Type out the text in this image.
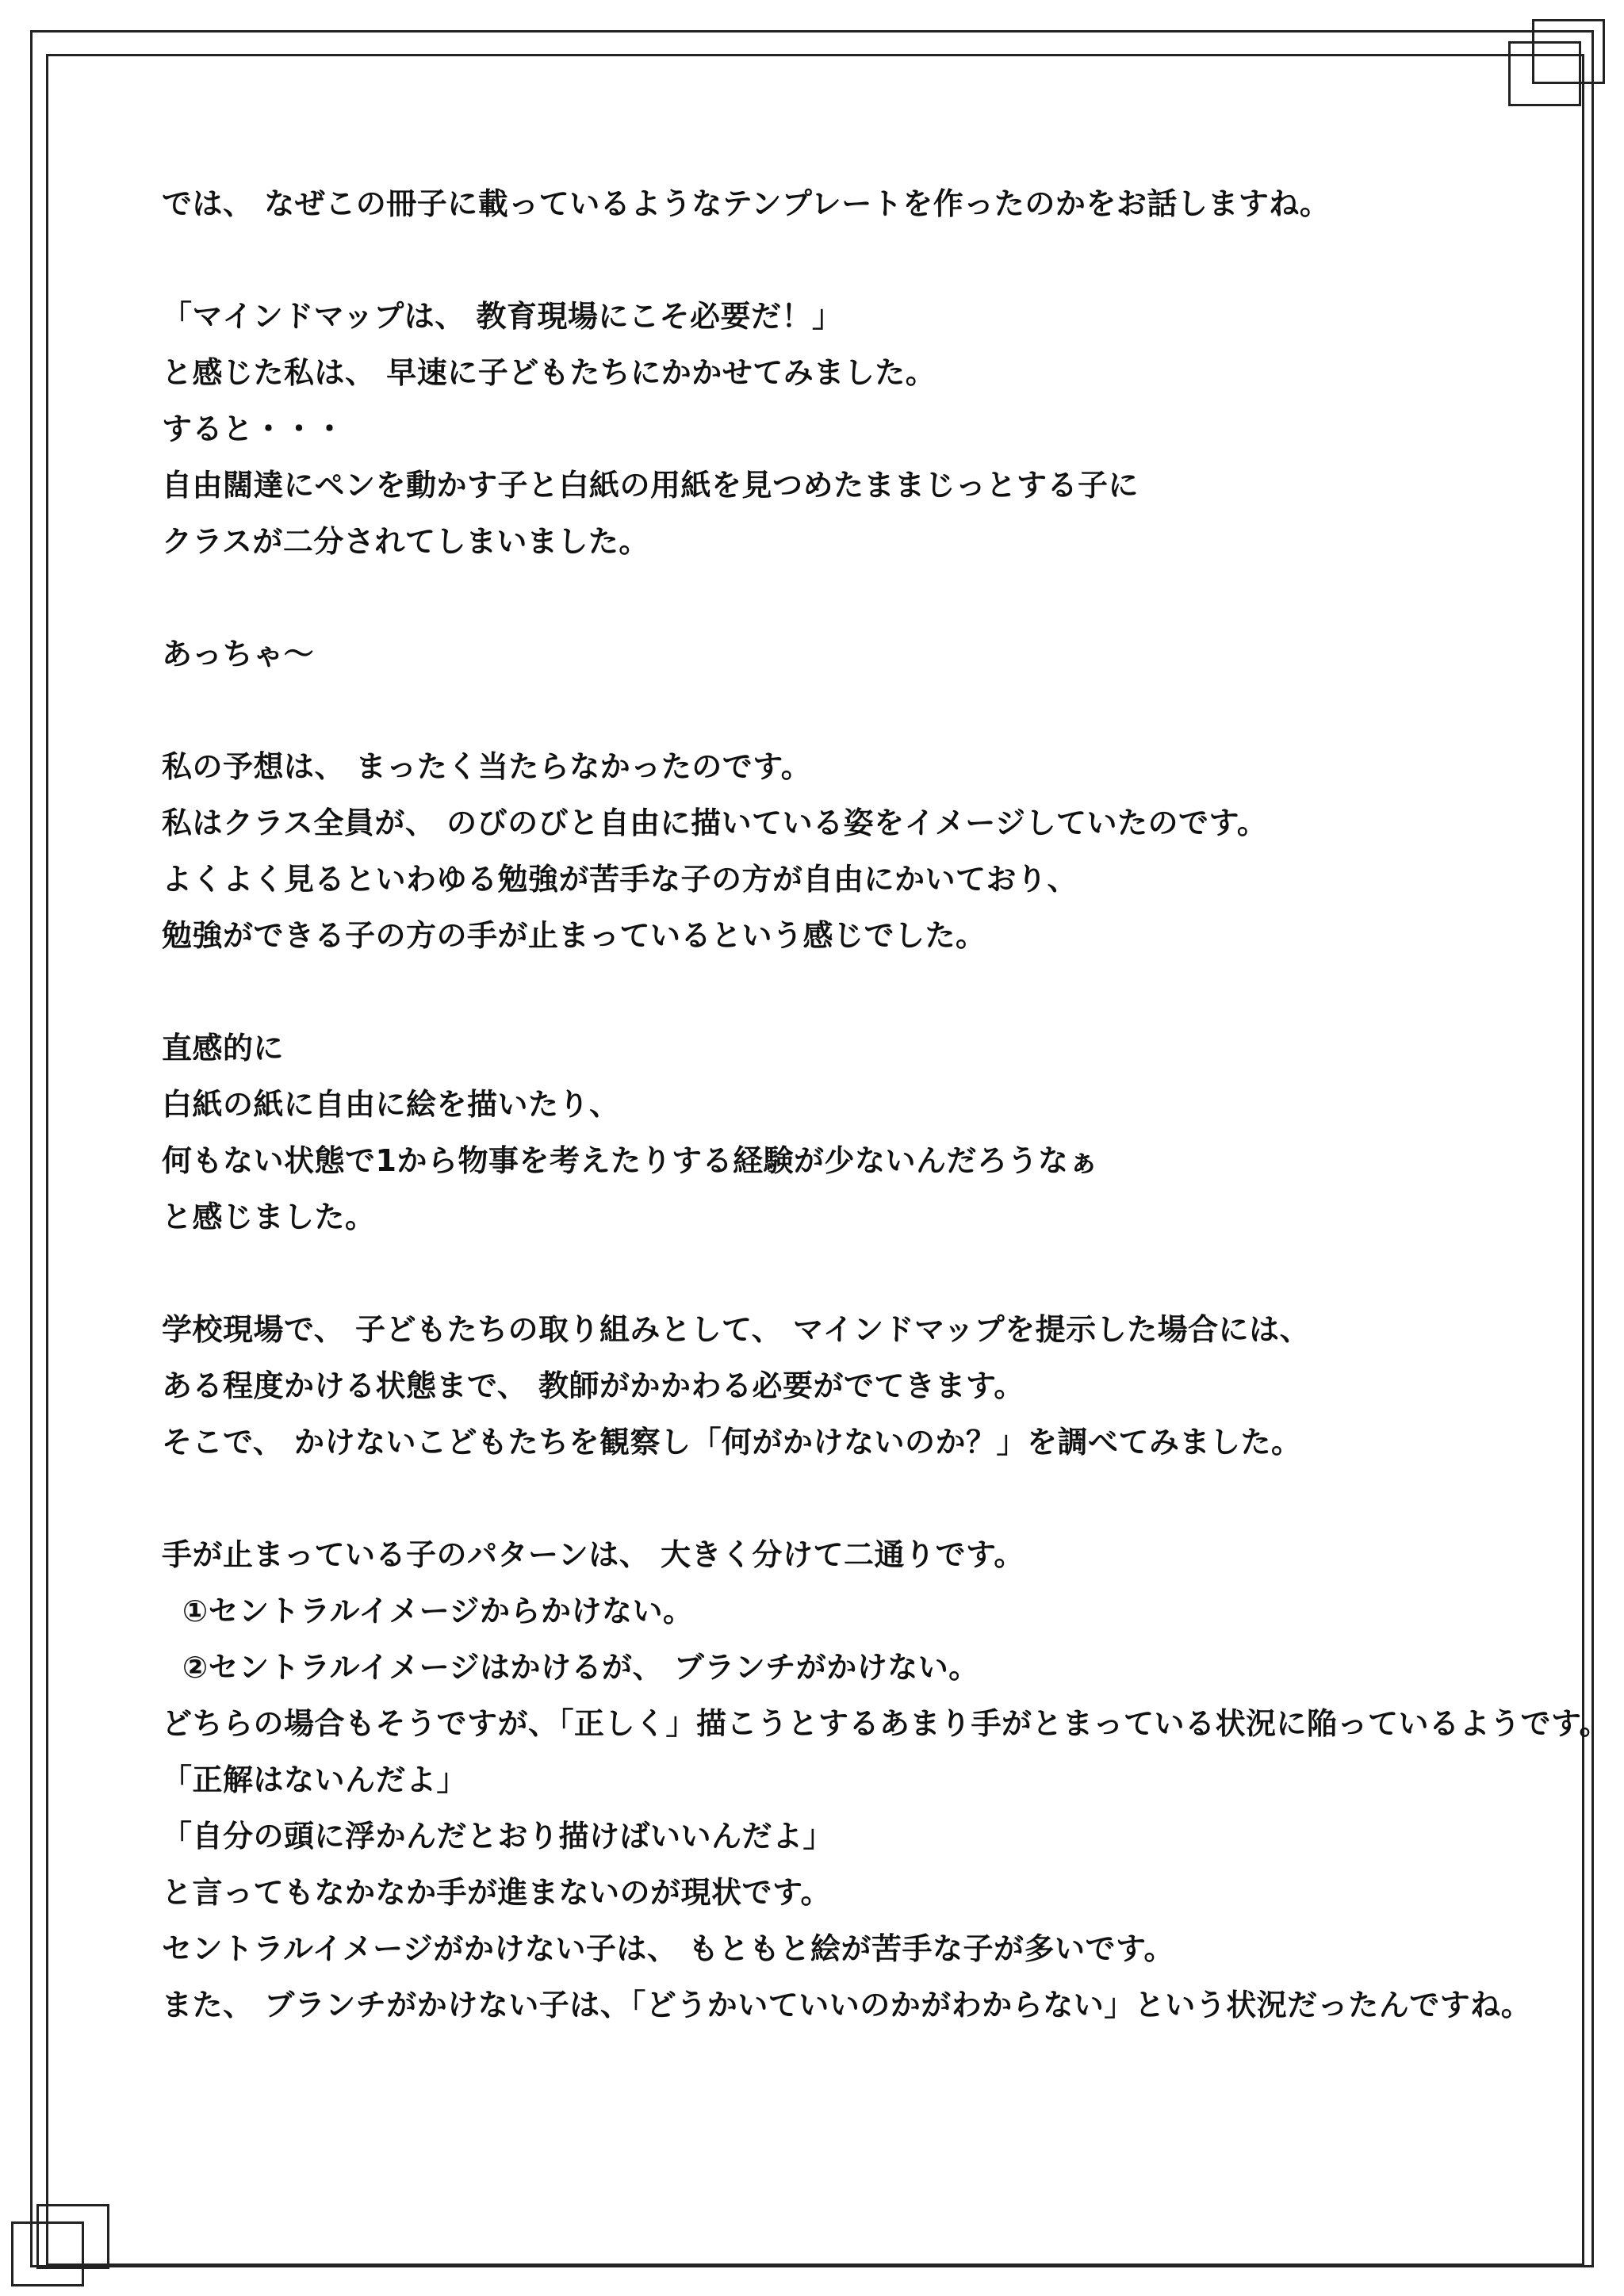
では、 なぜこの冊子に載っているようなテンプレートを作ったのかをお話しますね。
「マインドマップは、 教育現場にこそ必要だ！」
と感じた私は、 早速に子どもたちにかかせてみました。
すると・・・
自由闊達にペンを動かす子と白紙の用紙を見つめたままじっとする子に
クラスが二分されてしまいました。
あっちゃ〜
私の予想は、 まったく当たらなかったのです。
私はクラス全員が、 のびのびと自由に描いている姿をイメージしていたのです。
よくよく見るといわゆる勉強が苦手な子の方が自由にかいており、
勉強ができる子の方の手が止まっているという感じでした。
直感的に
白紙の紙に自由に絵を描いたり、
何もない状態で1から物事を考えたりする経験が少ないんだろうなぁ
と感じました。
学校現場で、 子どもたちの取り組みとして、 マインドマップを提示した場合には、
ある程度かける状態まで、 教師がかかわる必要がでてきます。
そこで、 かけないこどもたちを観察し「何がかけないのか？」を調べてみました。
手が止まっている子のパターンは、 大きく分けて二通りです。
①セントラルイメージからかけない。
②セントラルイメージはかけるが、 ブランチがかけない。
どちらの場合もそうですが、「正しく」描こうとするあまり手がとまっている状況に陥っているようです。
「正解はないんだよ」
「自分の頭に浮かんだとおり描けばいいんだよ」
と言ってもなかなか手が進まないのが現状です。
セントラルイメージがかけない子は、 もともと絵が苦手な子が多いです。
また、 ブランチがかけない子は、「どうかいていいのかがわからない」という状況だったんですね。
